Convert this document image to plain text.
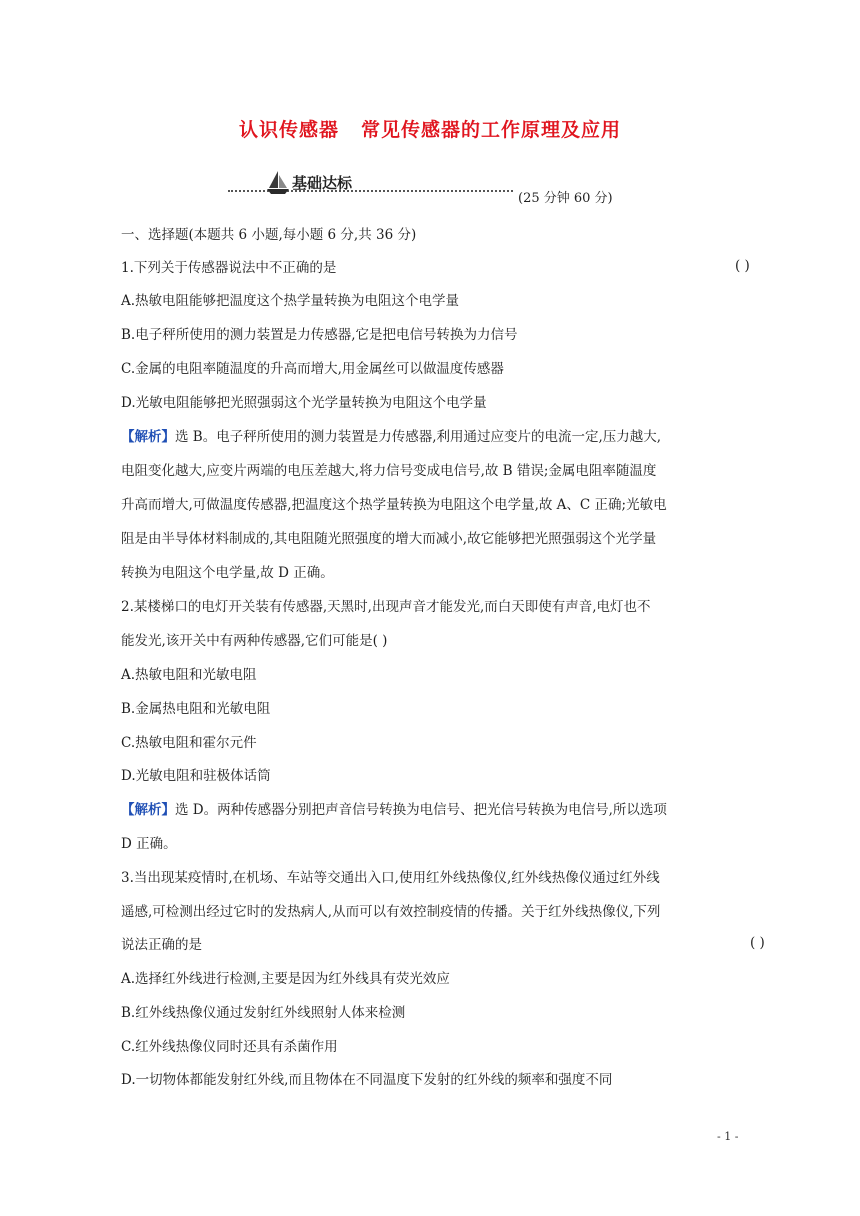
认识传感器 常见传感器的工作原理及应用
基础达标
(25 分钟 60 分)
一、选择题(本题共 6 小题,每小题 6 分,共 36 分)
1.下列关于传感器说法中不正确的是	( )
A.热敏电阻能够把温度这个热学量转换为电阻这个电学量
B.电子秤所使用的测力装置是力传感器,它是把电信号转换为力信号
C.金属的电阻率随温度的升高而增大,用金属丝可以做温度传感器
D.光敏电阻能够把光照强弱这个光学量转换为电阻这个电学量
【解析】选 B。电子秤所使用的测力装置是力传感器,利用通过应变片的电流一定,压力越大,
电阻变化越大,应变片两端的电压差越大,将力信号变成电信号,故 B 错误;金属电阻率随温度
升高而增大,可做温度传感器,把温度这个热学量转换为电阻这个电学量,故 A、C 正确;光敏电
阻是由半导体材料制成的,其电阻随光照强度的增大而减小,故它能够把光照强弱这个光学量
转换为电阻这个电学量,故 D 正确。
2.某楼梯口的电灯开关装有传感器,天黑时,出现声音才能发光,而白天即使有声音,电灯也不
能发光,该开关中有两种传感器,它们可能是( )
A.热敏电阻和光敏电阻
B.金属热电阻和光敏电阻
C.热敏电阻和霍尔元件
D.光敏电阻和驻极体话筒
【解析】选 D。两种传感器分别把声音信号转换为电信号、把光信号转换为电信号,所以选项
D 正确。
3.当出现某疫情时,在机场、车站等交通出入口,使用红外线热像仪,红外线热像仪通过红外线
遥感,可检测出经过它时的发热病人,从而可以有效控制疫情的传播。关于红外线热像仪,下列
说法正确的是	( )
A.选择红外线进行检测,主要是因为红外线具有荧光效应
B.红外线热像仪通过发射红外线照射人体来检测
C.红外线热像仪同时还具有杀菌作用
D.一切物体都能发射红外线,而且物体在不同温度下发射的红外线的频率和强度不同
- 1 -
